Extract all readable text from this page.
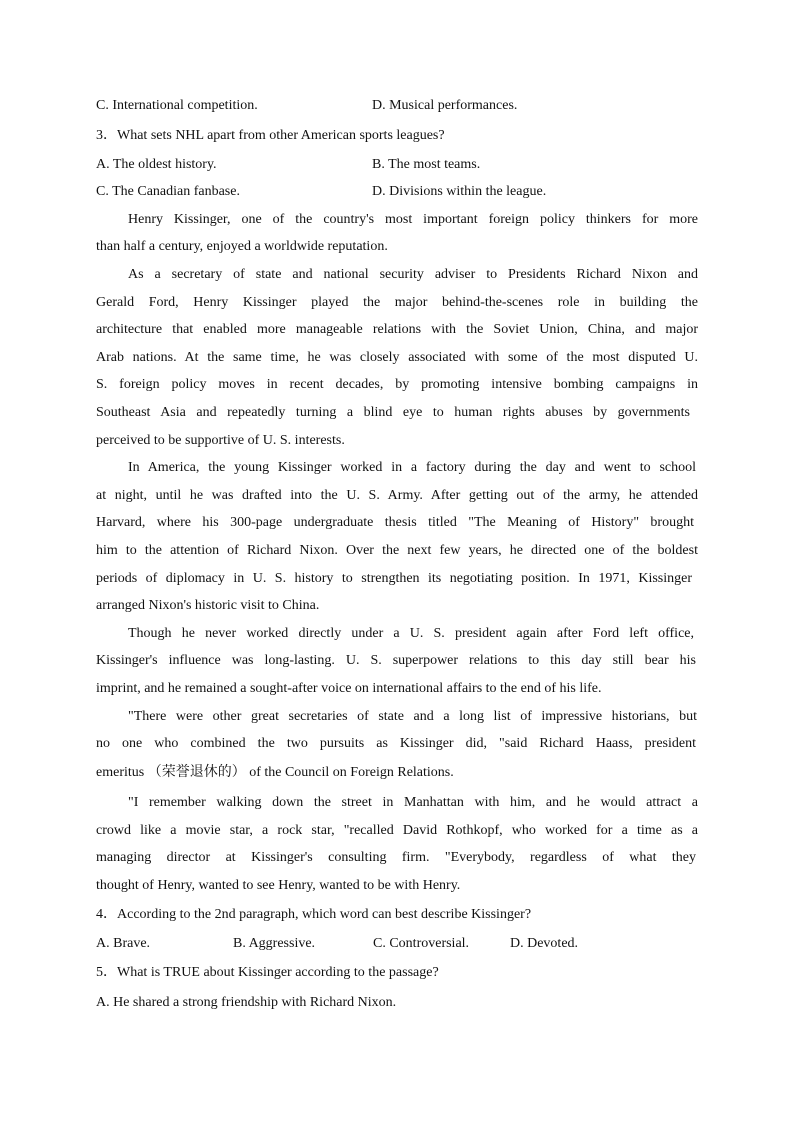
C. International competition.	D. Musical performances.
3．What sets NHL apart from other American sports leagues?
A. The oldest history.	B. The most teams.
C. The Canadian fanbase.	D. Divisions within the league.
Henry Kissinger, one of the country's most important foreign policy thinkers for more
than half a century, enjoyed a worldwide reputation.
As a secretary of state and national security adviser to Presidents Richard Nixon and
Gerald Ford, Henry Kissinger played the major behind-the-scenes role in building the
architecture that enabled more manageable relations with the Soviet Union, China, and major
Arab nations. At the same time, he was closely associated with some of the most disputed U.
S. foreign policy moves in recent decades, by promoting intensive bombing campaigns in
Southeast Asia and repeatedly turning a blind eye to human rights abuses by governments
perceived to be supportive of U. S. interests.
In America, the young Kissinger worked in a factory during the day and went to school
at night, until he was drafted into the U. S. Army. After getting out of the army, he attended
Harvard, where his 300-page undergraduate thesis titled "The Meaning of History" brought
him to the attention of Richard Nixon. Over the next few years, he directed one of the boldest
periods of diplomacy in U. S. history to strengthen its negotiating position. In 1971, Kissinger
arranged Nixon's historic visit to China.
Though he never worked directly under a U. S. president again after Ford left office,
Kissinger's influence was long-lasting. U. S. superpower relations to this day still bear his
imprint, and he remained a sought-after voice on international affairs to the end of his life.
"There were other great secretaries of state and a long list of impressive historians, but
no one who combined the two pursuits as Kissinger did, "said Richard Haass, president
emeritus （荣誉退休的） of the Council on Foreign Relations.
"I remember walking down the street in Manhattan with him, and he would attract a
crowd like a movie star, a rock star, "recalled David Rothkopf, who worked for a time as a
managing director at Kissinger's consulting firm. "Everybody, regardless of what they
thought of Henry, wanted to see Henry, wanted to be with Henry.
4．According to the 2nd paragraph, which word can best describe Kissinger?
A. Brave.	B. Aggressive.	C. Controversial.	D. Devoted.
5．What is TRUE about Kissinger according to the passage?
A. He shared a strong friendship with Richard Nixon.
